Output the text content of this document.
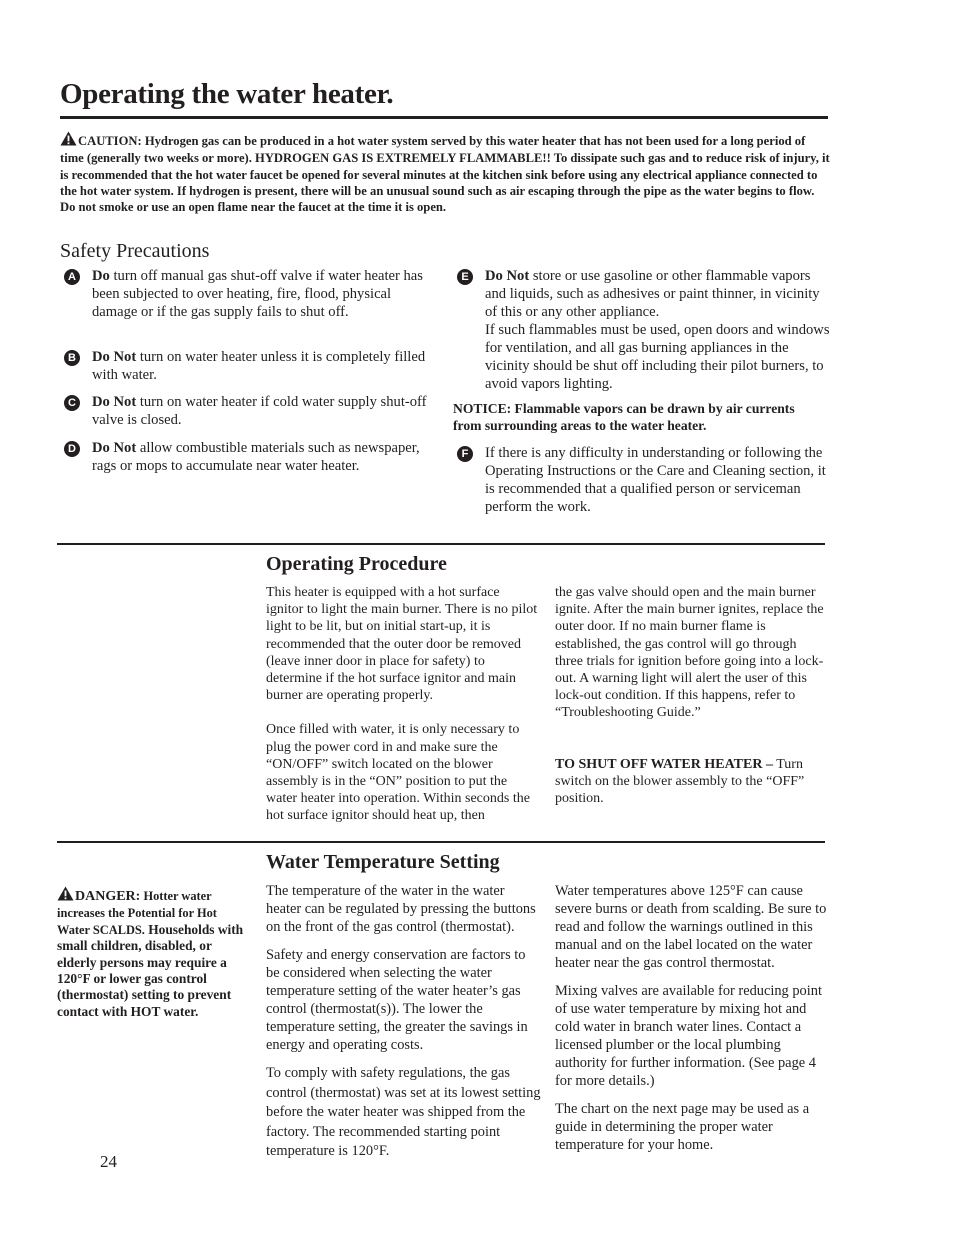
Operating the water heater.
CAUTION: Hydrogen gas can be produced in a hot water system served by this water heater that has not been used for a long period of time (generally two weeks or more). HYDROGEN GAS IS EXTREMELY FLAMMABLE!! To dissipate such gas and to reduce risk of injury, it is recommended that the hot water faucet be opened for several minutes at the kitchen sink before using any electrical appliance connected to the hot water system. If hydrogen is present, there will be an unusual sound such as air escaping through the pipe as the water begins to flow. Do not smoke or use an open flame near the faucet at the time it is open.
Safety Precautions
A Do turn off manual gas shut-off valve if water heater has been subjected to over heating, fire, flood, physical damage or if the gas supply fails to shut off.
B Do Not turn on water heater unless it is completely filled with water.
C Do Not turn on water heater if cold water supply shut-off valve is closed.
D Do Not allow combustible materials such as newspaper, rags or mops to accumulate near water heater.
E Do Not store or use gasoline or other flammable vapors and liquids, such as adhesives or paint thinner, in vicinity of this or any other appliance.
If such flammables must be used, open doors and windows for ventilation, and all gas burning appliances in the vicinity should be shut off including their pilot burners, to avoid vapors lighting.
NOTICE: Flammable vapors can be drawn by air currents from surrounding areas to the water heater.
F	If there is any difficulty in understanding or following the Operating Instructions or the Care and Cleaning section, it is recommended that a qualified person or serviceman perform the work.
Operating Procedure

This heater is equipped with a hot surface ignitor to light the main burner. There is no pilot light to be lit, but on initial start-up, it is recommended that the outer door be removed (leave inner door in place for safety) to determine if the hot surface ignitor and main burner are operating properly.

Once filled with water, it is only necessary to plug the power cord in and make sure the “ON/OFF” switch located on the blower assembly is in the “ON” position to put the water heater into operation. Within seconds the hot surface ignitor should heat up, then

the gas valve should open and the main burner ignite. After the main burner ignites, replace the outer door. If no main burner flame is established, the gas control will go through three trials for ignition before going into a lock-out. A warning light will alert the user of this lock-out condition. If this happens, refer to “Troubleshooting Guide.”

TO SHUT OFF WATER HEATER – Turn switch on the blower assembly to the “OFF” position.

Water Temperature Setting
DANGER: Hotter water increases the Potential for Hot Water SCALDS. Households with small children, disabled, or elderly persons may require a 120°F or lower gas control (thermostat) setting to prevent contact with HOT water.

The temperature of the water in the water heater can be regulated by pressing the buttons on the front of the gas control (thermostat).

Safety and energy conservation are factors to be considered when selecting the water temperature setting of the water heater’s gas control (thermostat(s)). The lower the temperature setting, the greater the savings in energy and operating costs.

To comply with safety regulations, the gas control (thermostat) was set at its lowest setting before the water heater was shipped from the factory. The recommended starting point temperature is 120°F.

Water temperatures above 125°F can cause severe burns or death from scalding. Be sure to read and follow the warnings outlined in this manual and on the label located on the water heater near the gas control thermostat.

Mixing valves are available for reducing point of use water temperature by mixing hot and cold water in branch water lines. Contact a licensed plumber or the local plumbing authority for further information. (See page 4 for more details.)

The chart on the next page may be used as a guide in determining the proper water temperature for your home.

24
